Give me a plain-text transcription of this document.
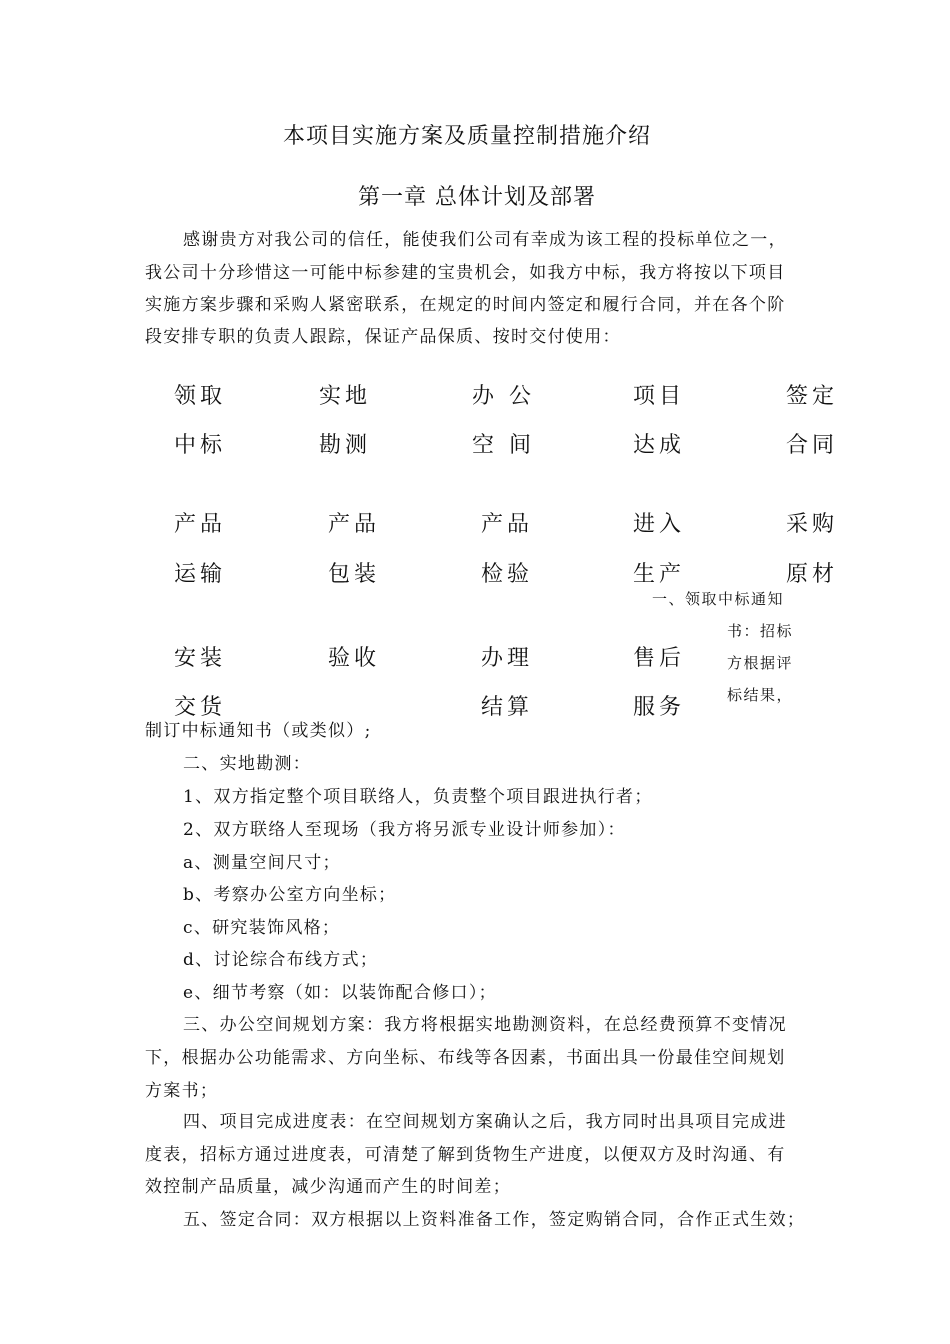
本项目实施方案及质量控制措施介绍
第一章 总体计划及部署
感谢贵方对我公司的信任，能使我们公司有幸成为该工程的投标单位之一，
我公司十分珍惜这一可能中标参建的宝贵机会，如我方中标，我方将按以下项目
实施方案步骤和采购人紧密联系，在规定的时间内签定和履行合同，并在各个阶
段安排专职的负责人跟踪，保证产品保质、按时交付使用：
领取
中标
实地
勘测
办 公
空 间
项目
达成
签定
合同
产品
运输
产品
包装
产品
检验
进入
生产
采购
原材
一、领取中标通知
书：招标
方根据评
标结果，
安装
交货
验收	办理
结算
售后
服务
制订中标通知书（或类似）;
二、实地勘测：
1、双方指定整个项目联络人，负责整个项目跟进执行者；
2、双方联络人至现场（我方将另派专业设计师参加）：
a、测量空间尺寸；
b、考察办公室方向坐标；
c、研究装饰风格；
d、讨论综合布线方式；
e、细节考察（如：以装饰配合修口）；
三、办公空间规划方案：我方将根据实地勘测资料，在总经费预算不变情况
下，根据办公功能需求、方向坐标、布线等各因素，书面出具一份最佳空间规划
方案书；
四、项目完成进度表：在空间规划方案确认之后，我方同时出具项目完成进
度表，招标方通过进度表，可清楚了解到货物生产进度，以便双方及时沟通、有
效控制产品质量，减少沟通而产生的时间差；
五、签定合同：双方根据以上资料准备工作，签定购销合同，合作正式生效；
